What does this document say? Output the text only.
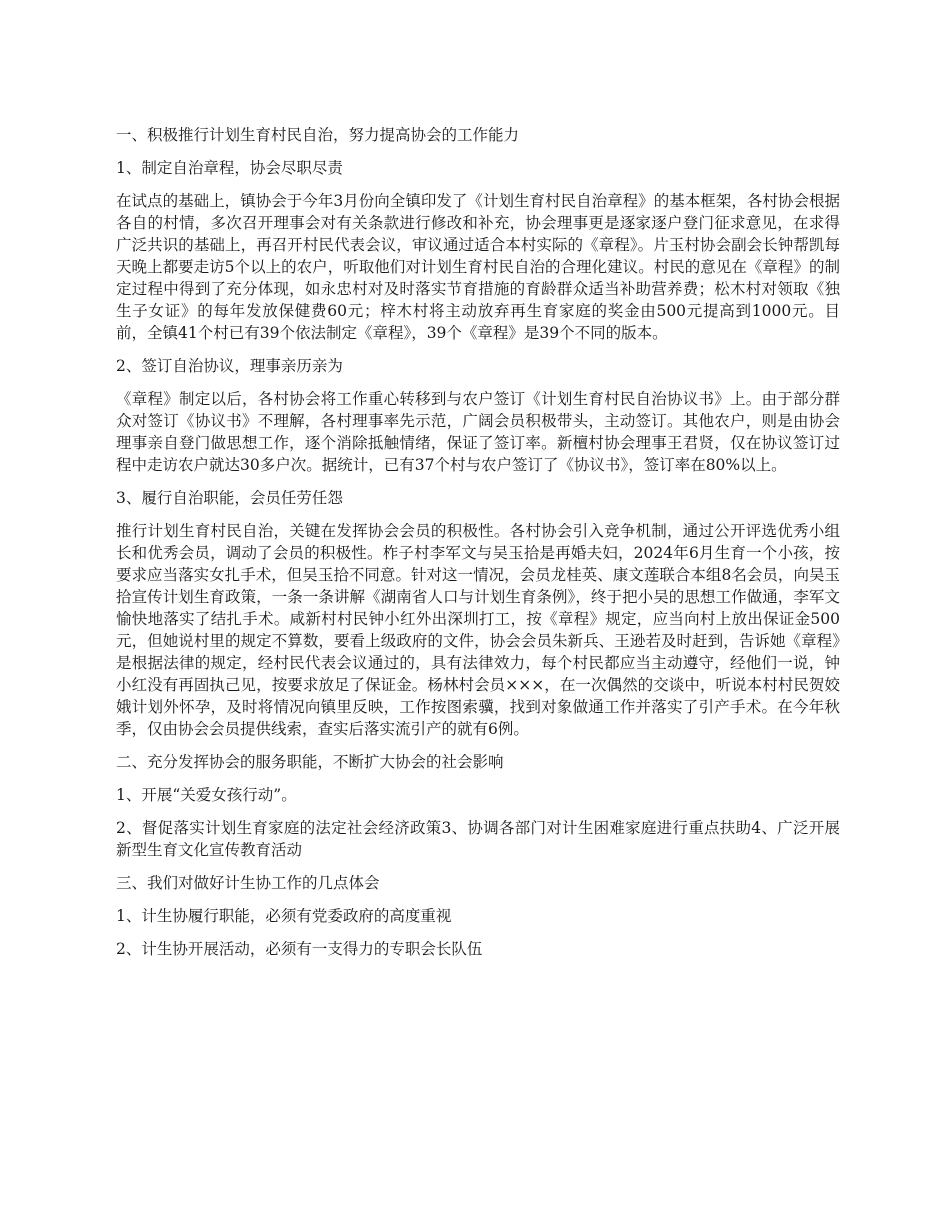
一、积极推行计划生育村民自治，努力提高协会的工作能力
1、制定自治章程，协会尽职尽责
在试点的基础上，镇协会于今年3月份向全镇印发了《计划生育村民自治章程》的基本框架，各村协会根据各自的村情，多次召开理事会对有关条款进行修改和补充，协会理事更是逐家逐户登门征求意见，在求得广泛共识的基础上，再召开村民代表会议，审议通过适合本村实际的《章程》。片玉村协会副会长钟帮凯每天晚上都要走访5个以上的农户，听取他们对计划生育村民自治的合理化建议。村民的意见在《章程》的制定过程中得到了充分体现，如永忠村对及时落实节育措施的育龄群众适当补助营养费；松木村对领取《独生子女证》的每年发放保健费60元；梓木村将主动放弃再生育家庭的奖金由500元提高到1000元。目前，全镇41个村已有39个依法制定《章程》，39个《章程》是39个不同的版本。
2、签订自治协议，理事亲历亲为
《章程》制定以后，各村协会将工作重心转移到与农户签订《计划生育村民自治协议书》上。由于部分群众对签订《协议书》不理解，各村理事率先示范，广阔会员积极带头，主动签订。其他农户，则是由协会理事亲自登门做思想工作，逐个消除抵触情绪，保证了签订率。新檀村协会理事王君贤，仅在协议签订过程中走访农户就达30多户次。据统计，已有37个村与农户签订了《协议书》，签订率在80%以上。
3、履行自治职能，会员任劳任怨
推行计划生育村民自治，关键在发挥协会会员的积极性。各村协会引入竞争机制，通过公开评选优秀小组长和优秀会员，调动了会员的积极性。柞子村李军文与吴玉拾是再婚夫妇，2024年6月生育一个小孩，按要求应当落实女扎手术，但吴玉拾不同意。针对这一情况，会员龙桂英、康文莲联合本组8名会员，向吴玉拾宣传计划生育政策，一条一条讲解《湖南省人口与计划生育条例》，终于把小吴的思想工作做通，李军文愉快地落实了结扎手术。咸新村村民钟小红外出深圳打工，按《章程》规定，应当向村上放出保证金500元，但她说村里的规定不算数，要看上级政府的文件，协会会员朱新兵、王逊若及时赶到，告诉她《章程》是根据法律的规定，经村民代表会议通过的，具有法律效力，每个村民都应当主动遵守，经他们一说，钟小红没有再固执己见，按要求放足了保证金。杨林村会员×××，在一次偶然的交谈中，听说本村村民贺姣娥计划外怀孕，及时将情况向镇里反映，工作按图索骥，找到对象做通工作并落实了引产手术。在今年秋季，仅由协会会员提供线索，查实后落实流引产的就有6例。
二、充分发挥协会的服务职能，不断扩大协会的社会影响
1、开展“关爱女孩行动”。
2、督促落实计划生育家庭的法定社会经济政策3、协调各部门对计生困难家庭进行重点扶助4、广泛开展新型生育文化宣传教育活动
三、我们对做好计生协工作的几点体会
1、计生协履行职能，必须有党委政府的高度重视
2、计生协开展活动，必须有一支得力的专职会长队伍
